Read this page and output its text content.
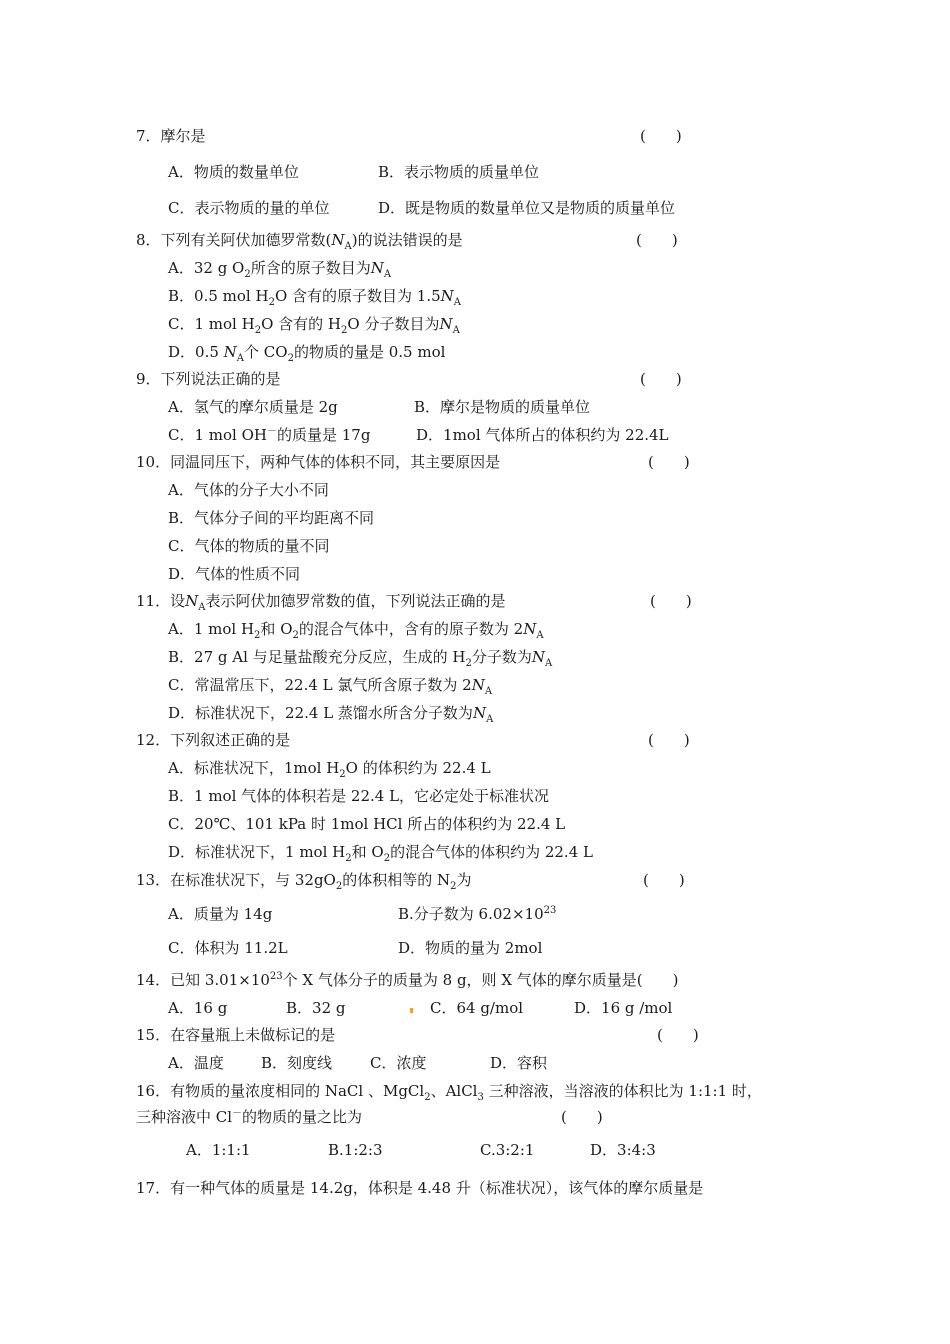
7．摩尔是	(　　)
A．物质的数量单位	B．表示物质的质量单位
C．表示物质的量的单位	D．既是物质的数量单位又是物质的质量单位
8．下列有关阿伏加德罗常数$(N_A)$的说法错误的是	(　　)
A．32 g $O_2$所含的原子数目为$N_A$
B．0.5 mol $H_2O$ 含有的原子数目为 $1.5N_A$
C．1 mol $H_2O$ 含有的 $H_2O$ 分子数目为$N_A$
D．0.5 $N_A$个 $CO_2$的物质的量是 0.5 mol
9．下列说法正确的是	(　　)
A．氢气的摩尔质量是 2g	B．摩尔是物质的质量单位
C．1 mol OH－的质量是 17g	D．1mol 气体所占的体积约为 22.4L
10．同温同压下，两种气体的体积不同，其主要原因是	(　　)
A．气体的分子大小不同
B．气体分子间的平均距离不同
C．气体的物质的量不同
D．气体的性质不同
11．设$N_A$表示阿伏加德罗常数的值，下列说法正确的是	(　　)
A．1 mol $H_2$和 $O_2$的混合气体中，含有的原子数为 $2N_A$
B．27 g Al 与足量盐酸充分反应，生成的 $H_2$分子数为$N_A$
C．常温常压下，22.4 L 氯气所含原子数为 $2N_A$
D．标准状况下，22.4 L 蒸馏水所含分子数为$N_A$
12．下列叙述正确的是	(　　)
A．标准状况下，1mol $H_2O$ 的体积约为 22.4 L
B．1 mol 气体的体积若是 22.4 L，它必定处于标准状况
C．20℃、101 kPa 时 1mol HCl 所占的体积约为 22.4 L
D．标准状况下，1 mol $H_2$和 $O_2$的混合气体的体积约为 22.4 L
13．在标准状况下，与 $32gO_2$的体积相等的 $N_2$为	(　　)
A．质量为 14g	B.分子数为 $6.02\times 10^{23}$
C．体积为 11.2L	D．物质的量为 2mol
14．已知 $3.01\times 10^{23}$个 X 气体分子的质量为 8 g，则 X 气体的摩尔质量是(　　)
A．16 g	B．32 g	C．64 g/mol	D．16 g /mol
15．在容量瓶上未做标记的是	(　　)
A．温度 B．刻度线	C．浓度	D．容积
16．有物质的量浓度相同的 NaCl 、MgCl$_2$、AlCl$_3$ 三种溶液，当溶液的体积比为 1:1:1 时，
三种溶液中 Cl－的物质的量之比为	(　　)
A．1:1:1	B.1:2:3	C.3:2:1	D．3:4:3
17．有一种气体的质量是 14.2g，体积是 4.48 升（标准状况），该气体的摩尔质量是
